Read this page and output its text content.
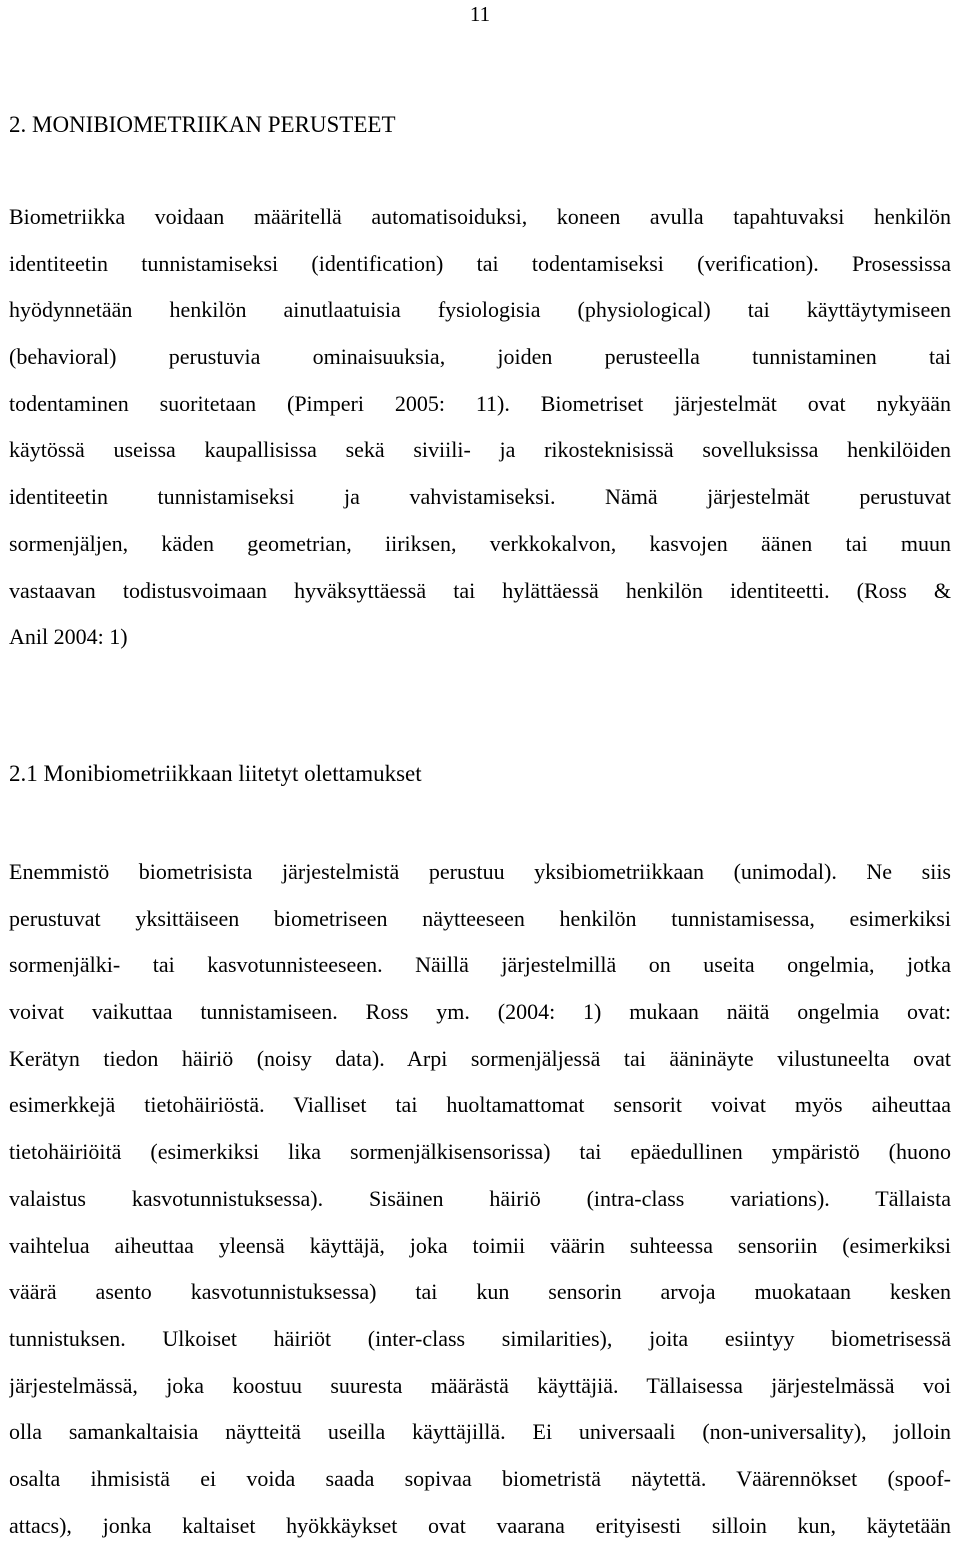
11
2. MONIBIOMETRIIKAN PERUSTEET
Biometriikka voidaan määritellä automatisoiduksi, koneen avulla tapahtuvaksi henkilön
identiteetin tunnistamiseksi (identification) tai todentamiseksi (verification). Prosessissa
hyödynnetään henkilön ainutlaatuisia fysiologisia (physiological) tai käyttäytymiseen
(behavioral) perustuvia ominaisuuksia, joiden perusteella tunnistaminen tai
todentaminen suoritetaan (Pimperi 2005: 11). Biometriset järjestelmät ovat nykyään
käytössä useissa kaupallisissa sekä siviili- ja rikosteknisissä sovelluksissa henkilöiden
identiteetin tunnistamiseksi ja vahvistamiseksi. Nämä järjestelmät perustuvat
sormenjäljen, käden geometrian, iiriksen, verkkokalvon, kasvojen äänen tai muun
vastaavan todistusvoimaan hyväksyttäessä tai hylättäessä henkilön identiteetti. (Ross &
Anil 2004: 1)
2.1 Monibiometriikkaan liitetyt olettamukset
Enemmistö biometrisista järjestelmistä perustuu yksibiometriikkaan (unimodal). Ne siis
perustuvat yksittäiseen biometriseen näytteeseen henkilön tunnistamisessa, esimerkiksi
sormenjälki- tai kasvotunnisteeseen. Näillä järjestelmillä on useita ongelmia, jotka
voivat vaikuttaa tunnistamiseen. Ross ym. (2004: 1) mukaan näitä ongelmia ovat:
Kerätyn tiedon häiriö (noisy data). Arpi sormenjäljessä tai ääninäyte vilustuneelta ovat
esimerkkejä tietohäiriöstä. Vialliset tai huoltamattomat sensorit voivat myös aiheuttaa
tietohäiriöitä (esimerkiksi lika sormenjälkisensorissa) tai epäedullinen ympäristö (huono
valaistus kasvotunnistuksessa). Sisäinen häiriö (intra-class variations). Tällaista
vaihtelua aiheuttaa yleensä käyttäjä, joka toimii väärin suhteessa sensoriin (esimerkiksi
väärä asento kasvotunnistuksessa) tai kun sensorin arvoja muokataan kesken
tunnistuksen. Ulkoiset häiriöt (inter-class similarities), joita esiintyy biometrisessä
järjestelmässä, joka koostuu suuresta määrästä käyttäjiä. Tällaisessa järjestelmässä voi
olla samankaltaisia näytteitä useilla käyttäjillä. Ei universaali (non-universality), jolloin
osalta ihmisistä ei voida saada sopivaa biometristä näytettä. Väärennökset (spoof-
attacs), jonka kaltaiset hyökkäykset ovat vaarana erityisesti silloin kun, käytetään
